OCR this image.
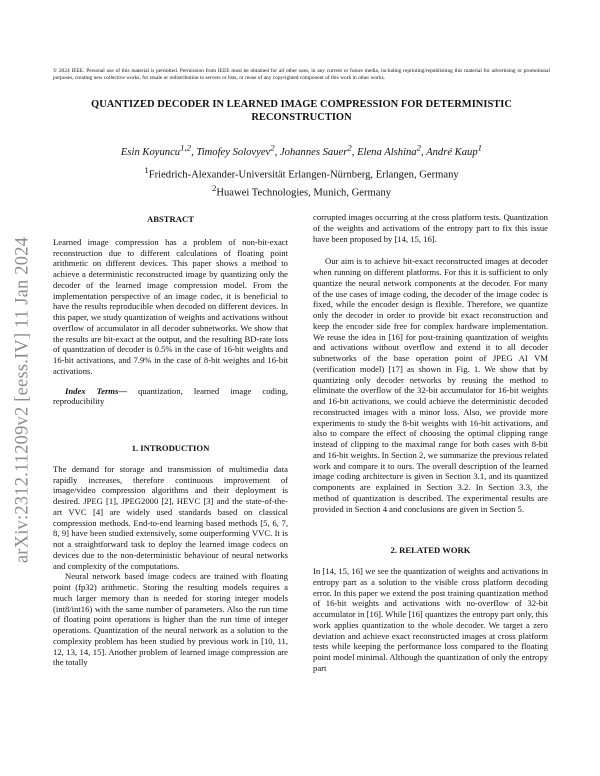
arXiv:2312.11209v2 [eess.IV] 11 Jan 2024
© 2024 IEEE. Personal use of this material is permitted. Permission from IEEE must be obtained for all other uses, in any current or future media, including reprinting/republishing this material for advertising or promotional purposes, creating new collective works, for resale or redistribution to servers or lists, or reuse of any copyrighted component of this work in other works.
QUANTIZED DECODER IN LEARNED IMAGE COMPRESSION FOR DETERMINISTIC
RECONSTRUCTION
Esin Koyuncu$^{1,2}$, Timofey Solovyev$^2$, Johannes Sauer$^2$, Elena Alshina$^2$, André Kaup$^1$
$^1$Friedrich-Alexander-Universität Erlangen-Nürnberg, Erlangen, Germany
$^2$Huawei Technologies, Munich, Germany
ABSTRACT

Learned image compression has a problem of non-bit-exact reconstruction due to different calculations of floating point arithmetic on different devices. This paper shows a method to achieve a deterministic reconstructed image by quantizing only the decoder of the learned image compression model. From the implementation perspective of an image codec, it is beneficial to have the results reproducible when decoded on different devices. In this paper, we study quantization of weights and activations without overflow of accumulator in all decoder subnetworks. We show that the results are bit-exact at the output, and the resulting BD-rate loss of quantization of decoder is 0.5% in the case of 16-bit weights and 16-bit activations, and 7.9% in the case of 8-bit weights and 16-bit activations.

Index Terms— quantization, learned image coding, reproducibility

1. INTRODUCTION

The demand for storage and transmission of multimedia data rapidly increases, therefore continuous improvement of image/video compression algorithms and their deployment is desired. JPEG [1], JPEG2000 [2], HEVC [3] and the state-of-the-art VVC [4] are widely used standards based on classical compression methods. End-to-end learning based methods [5, 6, 7, 8, 9] have been studied extensively, some outperforming VVC. It is not a straightforward task to deploy the learned image codecs on devices due to the non-deterministic behaviour of neural networks and complexity of the computations.

Neural network based image codecs are trained with floating point (fp32) arithmetic. Storing the resulting models requires a much larger memory than is needed for storing integer models (int8/int16) with the same number of parameters. Also the run time of floating point operations is higher than the run time of integer operations. Quantization of the neural network as a solution to the complexity problem has been studied by previous work in [10, 11, 12, 13, 14, 15]. Another problem of learned image compression are the totally

corrupted images occurring at the cross platform tests. Quantization of the weights and activations of the entropy part to fix this issue have been proposed by [14, 15, 16].

Our aim is to achieve bit-exact reconstructed images at decoder when running on different platforms. For this it is sufficient to only quantize the neural network components at the decoder. For many of the use cases of image coding, the decoder of the image codec is fixed, while the encoder design is flexible. Therefore, we quantize only the decoder in order to provide bit exact reconstruction and keep the encoder side free for complex hardware implementation. We reuse the idea in [16] for post-training quantization of weights and activations without overflow and extend it to all decoder subnetworks of the base operation point of JPEG AI VM (verification model) [17] as shown in Fig. 1. We show that by quantizing only decoder networks by reusing the method to eliminate the overflow of the 32-bit accumulator for 16-bit weights and 16-bit activations, we could achieve the deterministic decoded reconstructed images with a minor loss. Also, we provide more experiments to study the 8-bit weights with 16-bit activations, and also to compare the effect of choosing the optimal clipping range instead of clipping to the maximal range for both cases with 8-bit and 16-bit weights. In Section 2, we summarize the previous related work and compare it to ours. The overall description of the learned image coding architecture is given in Section 3.1, and its quantized components are explained in Section 3.2. In Section 3.3, the method of quantization is described. The experimental results are provided in Section 4 and conclusions are given in Section 5.

2. RELATED WORK

In [14, 15, 16] we see the quantization of weights and activations in entropy part as a solution to the visible cross platform decoding error. In this paper we extend the post training quantization method of 16-bit weights and activations with no-overflow of 32-bit accumulator in [16]. While [16] quantizes the entropy part only, this work applies quantization to the whole decoder. We target a zero deviation and achieve exact reconstructed images at cross platform tests while keeping the performance loss compared to the floating point model minimal. Although the quantization of only the entropy part
